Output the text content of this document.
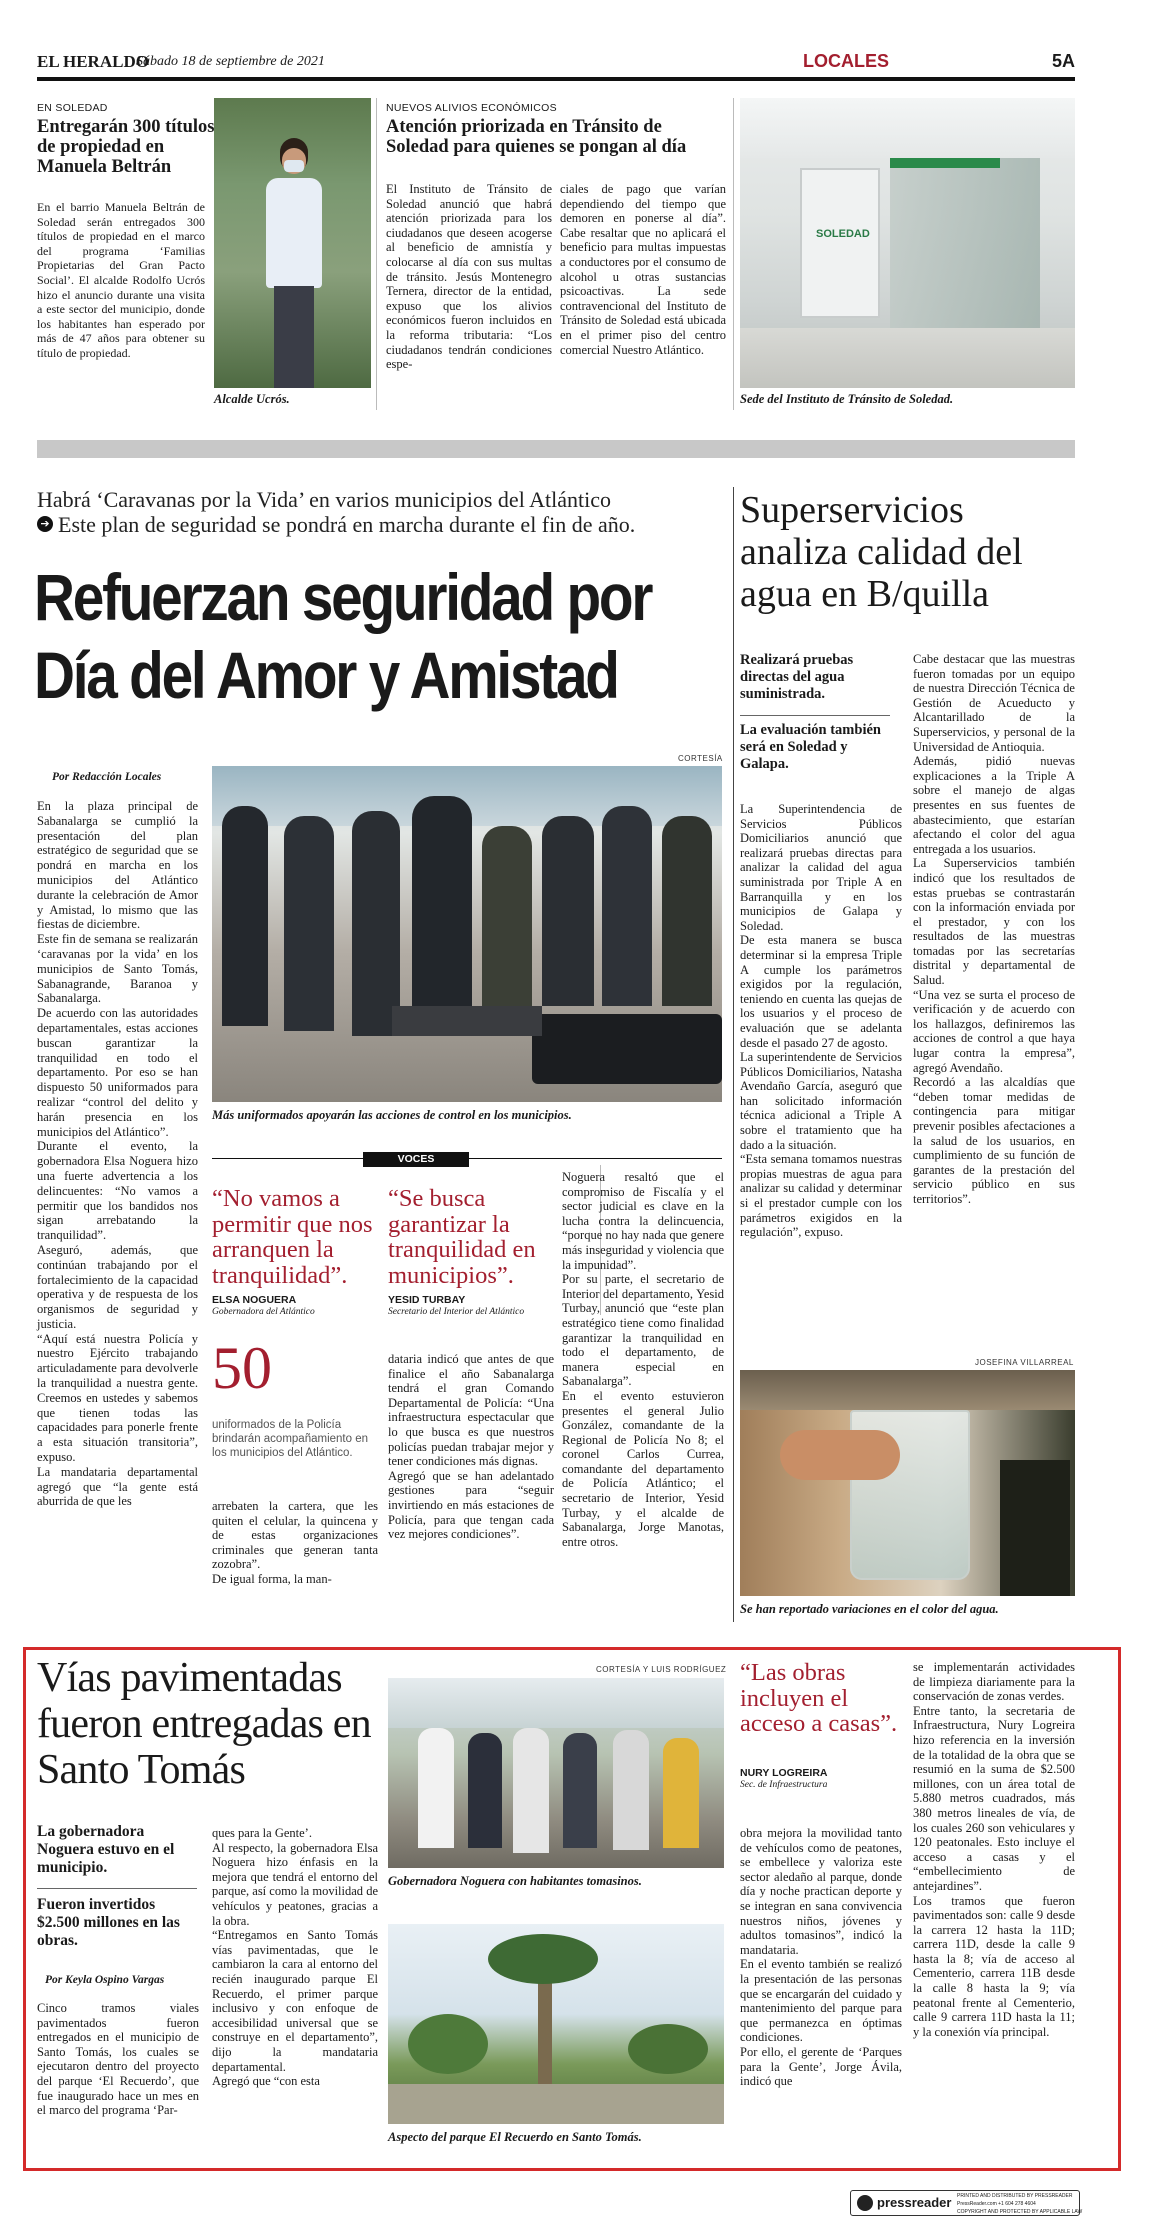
EL HERALDO
Sábado 18 de septiembre de 2021	LOCALES	5A
EN SOLEDAD
Entregarán 300 títulos de propiedad en Manuela Beltrán
En el barrio Manuela Beltrán de Soledad serán entregados 300 títulos de propiedad en el marco del programa ‘Familias Propietarias del Gran Pacto Social’. El alcalde Rodolfo Ucrós hizo el anuncio durante una visita a este sector del municipio, donde los habitantes han esperado por más de 47 años para obtener su título de propiedad.
Alcalde Ucrós.
NUEVOS ALIVIOS ECONÓMICOS
Atención priorizada en Tránsito de Soledad para quienes se pongan al día
El Instituto de Tránsito de Soledad anunció que habrá atención priorizada para los ciudadanos que deseen acogerse al beneficio de amnistía y colocarse al día con sus multas de tránsito. Jesús Montenegro Ternera, director de la entidad, expuso que los alivios económicos fueron incluidos en la reforma tributaria: “Los ciudadanos tendrán condiciones espe-
ciales de pago que varían dependiendo del tiempo que demoren en ponerse al día”. Cabe resaltar que no aplicará el beneficio para multas impuestas a conductores por el consumo de alcohol u otras sustancias psicoactivas. La sede contravencional del Instituto de Tránsito de Soledad está ubicada en el primer piso del centro comercial Nuestro Atlántico.
SOLEDAD
Sede del Instituto de Tránsito de Soledad.
Habrá ‘Caravanas por la Vida’ en varios municipios del Atlántico
➔ Este plan de seguridad se pondrá en marcha durante el fin de año.
Refuerzan seguridad por Día del Amor y Amistad
CORTESÍA
Por Redacción Locales
En la plaza principal de Sabanalarga se cumplió la presentación del plan estratégico de seguridad que se pondrá en marcha en los municipios del Atlántico durante la celebración de Amor y Amistad, lo mismo que las fiestas de diciembre.
Este fin de semana se realizarán ‘caravanas por la vida’ en los municipios de Santo Tomás, Sabanagrande, Baranoa y Sabanalarga.
De acuerdo con las autoridades departamentales, estas acciones buscan garantizar la tranquilidad en todo el departamento. Por eso se han dispuesto 50 uniformados para realizar “control del delito y harán presencia en los municipios del Atlántico”.
Durante el evento, la gobernadora Elsa Noguera hizo una fuerte advertencia a los delincuentes: “No vamos a permitir que los bandidos nos sigan arrebatando la tranquilidad”.
Aseguró, además, que continúan trabajando por el fortalecimiento de la capacidad operativa y de respuesta de los organismos de seguridad y justicia.
“Aquí está nuestra Policía y nuestro Ejército trabajando articuladamente para devolverle la tranquilidad a nuestra gente. Creemos en ustedes y sabemos que tienen todas las capacidades para ponerle frente a esta situación transitoria”, expuso.
La mandataria departamental agregó que “la gente está aburrida de que les
Más uniformados apoyarán las acciones de control en los municipios.
VOCES
“No vamos a permitir que nos arranquen la tranquilidad”.
ELSA NOGUERA
Gobernadora del Atlántico
“Se busca garantizar la tranquilidad en municipios”.
YESID TURBAY
Secretario del Interior del Atlántico
50
uniformados de la Policía brindarán acompañamiento en los municipios del Atlántico.
arrebaten la cartera, que les quiten el celular, la quincena y de estas organizaciones criminales que generan tanta zozobra”.
De igual forma, la man-
dataria indicó que antes de que finalice el año Sabanalarga tendrá el gran Comando Departamental de Policía: “Una infraestructura espectacular que lo que busca es que nuestros policías puedan trabajar mejor y tener condiciones más dignas.
Agregó que se han adelantado gestiones para “seguir invirtiendo en más estaciones de Policía, para que tengan cada vez mejores condiciones”.
Noguera resaltó que el compromiso de Fiscalía y el sector judicial es clave en la lucha contra la delincuencia, “porque no hay nada que genere más inseguridad y violencia que la impunidad”.
Por su parte, el secretario de Interior del departamento, Yesid Turbay, anunció que “este plan estratégico tiene como finalidad garantizar la tranquilidad en todo el departamento, de manera especial en Sabanalarga”.
En el evento estuvieron presentes el general Julio González, comandante de la Regional de Policía No 8; el coronel Carlos Currea, comandante del departamento de Policía Atlántico; el secretario de Interior, Yesid Turbay, y el alcalde de Sabanalarga, Jorge Manotas, entre otros.
Superservicios analiza calidad del agua en B/quilla
Realizará pruebas directas del agua suministrada.
La evaluación también será en Soledad y Galapa.
La Superintendencia de Servicios Públicos Domiciliarios anunció que realizará pruebas directas para analizar la calidad del agua suministrada por Triple A en Barranquilla y en los municipios de Galapa y Soledad.
De esta manera se busca determinar si la empresa Triple A cumple los parámetros exigidos por la regulación, teniendo en cuenta las quejas de los usuarios y el proceso de evaluación que se adelanta desde el pasado 27 de agosto.
La superintendente de Servicios Públicos Domiciliarios, Natasha Avendaño García, aseguró que han solicitado información técnica adicional a Triple A sobre el tratamiento que ha dado a la situación.
“Esta semana tomamos nuestras propias muestras de agua para analizar su calidad y determinar si el prestador cumple con los parámetros exigidos en la regulación”, expuso.
Cabe destacar que las muestras fueron tomadas por un equipo de nuestra Dirección Técnica de Gestión de Acueducto y Alcantarillado de la Superservicios, y personal de la Universidad de Antioquia.
Además, pidió nuevas explicaciones a la Triple A sobre el manejo de algas presentes en sus fuentes de abastecimiento, que estarían afectando el color del agua entregada a los usuarios.
La Superservicios también indicó que los resultados de estas pruebas se contrastarán con la información enviada por el prestador, y con los resultados de las muestras tomadas por las secretarías distrital y departamental de Salud.
“Una vez se surta el proceso de verificación y de acuerdo con los hallazgos, definiremos las acciones de control a que haya lugar contra la empresa”, agregó Avendaño.
Recordó a las alcaldías que “deben tomar medidas de contingencia para mitigar prevenir posibles afectaciones a la salud de los usuarios, en cumplimiento de su función de garantes de la prestación del servicio público en sus territorios”.
JOSEFINA VILLARREAL
Se han reportado variaciones en el color del agua.
Vías pavimentadas fueron entregadas en Santo Tomás
La gobernadora Noguera estuvo en el municipio.
Fueron invertidos $2.500 millones en las obras.
Por Keyla Ospino Vargas
Cinco tramos viales pavimentados fueron entregados en el municipio de Santo Tomás, los cuales se ejecutaron dentro del proyecto del parque ‘El Recuerdo’, que fue inaugurado hace un mes en el marco del programa ‘Par-
ques para la Gente’.
Al respecto, la gobernadora Elsa Noguera hizo énfasis en la mejora que tendrá el entorno del parque, así como la movilidad de vehículos y peatones, gracias a la obra.
“Entregamos en Santo Tomás vías pavimentadas, que le cambiaron la cara al entorno del recién inaugurado parque El Recuerdo, el primer parque inclusivo y con enfoque de accesibilidad universal que se construye en el departamento”, dijo la mandataria departamental.
Agregó que “con esta
CORTESÍA Y LUIS RODRÍGUEZ
Gobernadora Noguera con habitantes tomasinos.
Aspecto del parque El Recuerdo en Santo Tomás.
“Las obras incluyen el acceso a casas”.
NURY LOGREIRA
Sec. de Infraestructura
obra mejora la movilidad tanto de vehículos como de peatones, se embellece y valoriza este sector aledaño al parque, donde día y noche practican deporte y se integran en sana convivencia nuestros niños, jóvenes y adultos tomasinos”, indicó la mandataria.
En el evento también se realizó la presentación de las personas que se encargarán del cuidado y mantenimiento del parque para que permanezca en óptimas condiciones.
Por ello, el gerente de ‘Parques para la Gente’, Jorge Ávila, indicó que
se implementarán actividades de limpieza diariamente para la conservación de zonas verdes.
Entre tanto, la secretaria de Infraestructura, Nury Logreira hizo referencia en la inversión de la totalidad de la obra que se resumió en la suma de $2.500 millones, con un área total de 5.880 metros cuadrados, más 380 metros lineales de vía, de los cuales 260 son vehiculares y 120 peatonales. Esto incluye el acceso a casas y el “embellecimiento de antejardines”.
Los tramos que fueron pavimentados son: calle 9 desde la carrera 12 hasta la 11D; carrera 11D, desde la calle 9 hasta la 8; vía de acceso al Cementerio, carrera 11B desde la calle 8 hasta la 9; vía peatonal frente al Cementerio, calle 9 carrera 11D hasta la 11; y la conexión vía principal.
pressreader PRINTED AND DISTRIBUTED BY PRESSREADER
PressReader.com +1 604 278 4604
COPYRIGHT AND PROTECTED BY APPLICABLE LAW
